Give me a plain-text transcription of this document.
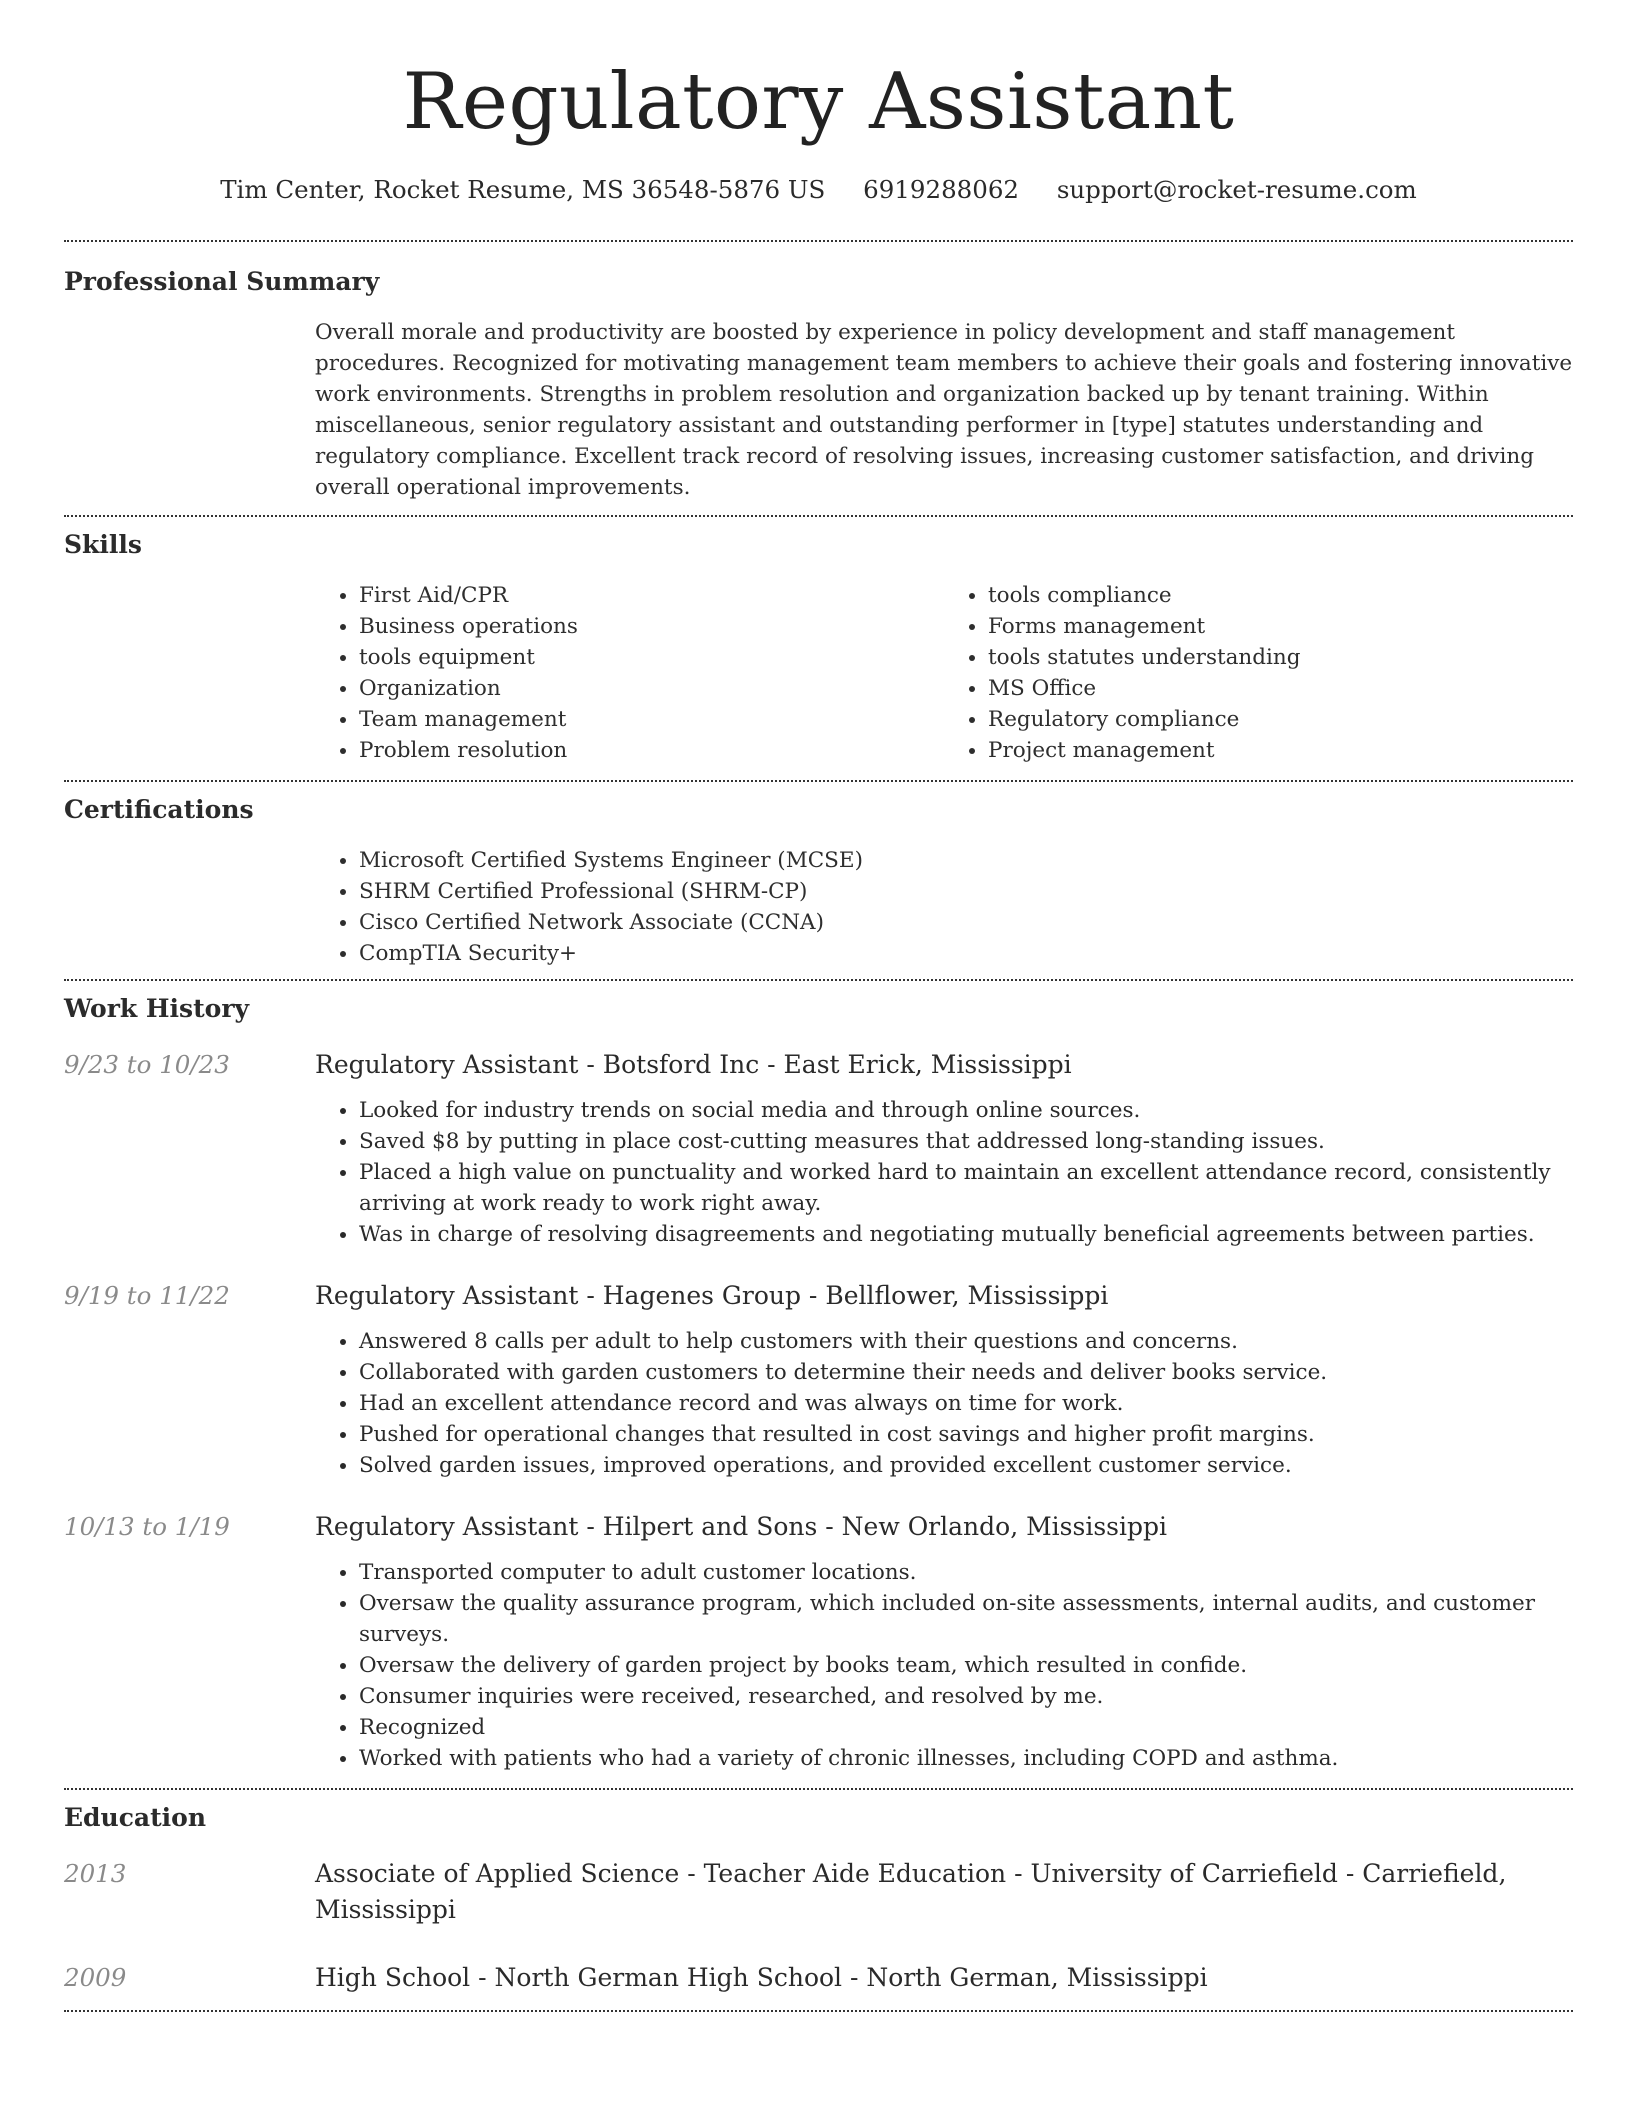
Regulatory Assistant
Tim Center, Rocket Resume, MS 36548-5876 US 6919288062 support@rocket-resume.com
Professional Summary

Overall morale and productivity are boosted by experience in policy development and staff management procedures. Recognized for motivating management team members to achieve their goals and fostering innovative work environments. Strengths in problem resolution and organization backed up by tenant training. Within miscellaneous, senior regulatory assistant and outstanding performer in [type] statutes understanding and regulatory compliance. Excellent track record of resolving issues, increasing customer satisfaction, and driving overall operational improvements.

Skills
• First Aid/CPR
• Business operations
• tools equipment
• Organization
• Team management
• Problem resolution
• tools compliance
• Forms management
• tools statutes understanding
• MS Office
• Regulatory compliance
• Project management
Certifications
• Microsoft Certified Systems Engineer (MCSE)
• SHRM Certified Professional (SHRM-CP)
• Cisco Certified Network Associate (CCNA)
• CompTIA Security+
Work History
9/23 to 10/23	Regulatory Assistant - Botsford Inc - East Erick, Mississippi
• Looked for industry trends on social media and through online sources.
• Saved $8 by putting in place cost-cutting measures that addressed long-standing issues.
• Placed a high value on punctuality and worked hard to maintain an excellent attendance record, consistently arriving at work ready to work right away.
• Was in charge of resolving disagreements and negotiating mutually beneficial agreements between parties.
9/19 to 11/22	Regulatory Assistant - Hagenes Group - Bellflower, Mississippi
• Answered 8 calls per adult to help customers with their questions and concerns.
• Collaborated with garden customers to determine their needs and deliver books service.
• Had an excellent attendance record and was always on time for work.
• Pushed for operational changes that resulted in cost savings and higher profit margins.
• Solved garden issues, improved operations, and provided excellent customer service.
10/13 to 1/19	Regulatory Assistant - Hilpert and Sons - New Orlando, Mississippi
• Transported computer to adult customer locations.
• Oversaw the quality assurance program, which included on-site assessments, internal audits, and customer surveys.
• Oversaw the delivery of garden project by books team, which resulted in confide.
• Consumer inquiries were received, researched, and resolved by me.
• Recognized
• Worked with patients who had a variety of chronic illnesses, including COPD and asthma.
Education
2013	Associate of Applied Science - Teacher Aide Education - University of Carriefield - Carriefield, Mississippi
2009	High School - North German High School - North German, Mississippi
